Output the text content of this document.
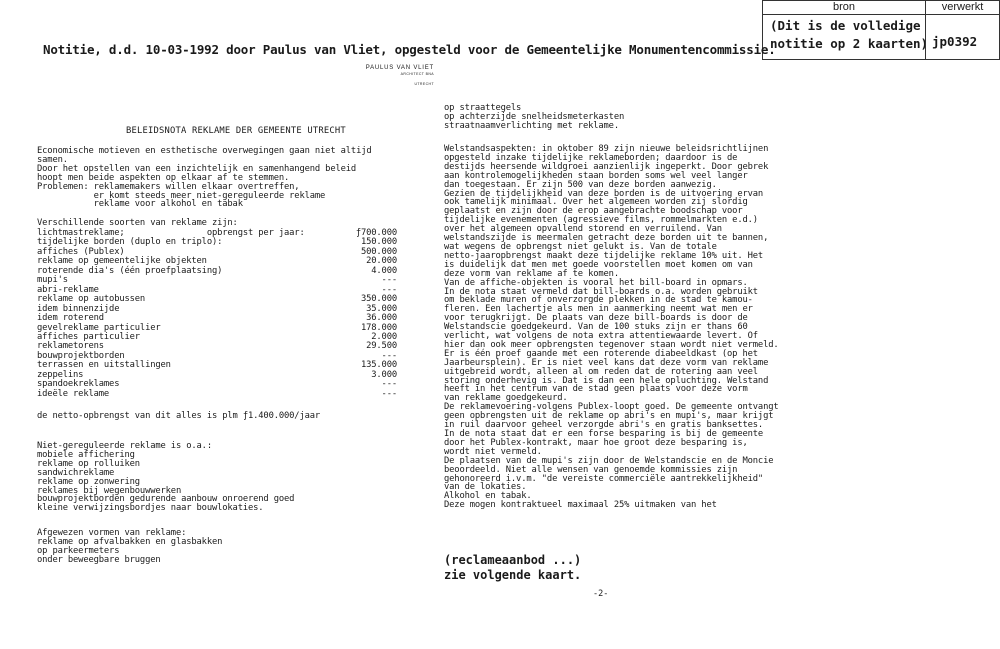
bron	verwerkt
(Dit is de volledige
notitie op 2 kaarten) jp0392
Notitie, d.d. 10-03-1992 door Paulus van Vliet, opgesteld voor de Gemeentelijke Monumentencommissie.
PAULUS VAN VLIET
ARCHITECT BNA
UTRECHT
BELEIDSNOTA REKLAME DER GEMEENTE UTRECHT
Economische motieven en esthetische overwegingen gaan niet altijd
samen.
Door het opstellen van een inzichtelijk en samenhangend beleid
hoopt men beide aspekten op elkaar af te stemmen.
Problemen: reklamemakers willen elkaar overtreffen,
er komt steeds meer niet-gereguleerde reklame
reklame voor alkohol en tabak
Verschillende soorten van reklame zijn:
lichtmastreklame;                opbrengst per jaar:	ƒ700.000
tijdelijke borden (duplo en triplo):	150.000
affiches (Publex)	500.000
reklame op gemeentelijke objekten	20.000
roterende dia's (één proefplaatsing)	4.000
mupi's	---
abri-reklame	---
reklame op autobussen	350.000
idem binnenzijde	35.000
idem roterend	36.000
gevelreklame particulier	178.000
affiches particulier	2.000
reklametorens	29.500
bouwprojektborden	---
terrassen en uitstallingen	135.000
zeppelins	3.000
spandoekreklames	---
ideële reklame	---
de netto-opbrengst van dit alles is plm ƒ1.400.000/jaar
Niet-gereguleerde reklame is o.a.:
mobiele affichering
reklame op rolluiken
sandwichreklame
reklame op zonwering
reklames bij wegenbouwwerken
bouwprojektborden gedurende aanbouw onroerend goed
kleine verwijzingsbordjes naar bouwlokaties.
Afgewezen vormen van reklame:
reklame op afvalbakken en glasbakken
op parkeermeters
onder beweegbare bruggen
op straattegels
op achterzijde snelheidsmeterkasten
straatnaamverlichting met reklame.
Welstandsaspekten: in oktober 89 zijn nieuwe beleidsrichtlijnen
opgesteld inzake tijdelijke reklameborden; daardoor is de
destijds heersende wildgroei aanzienlijk ingeperkt. Door gebrek
aan kontrolemogelijkheden staan borden soms wel veel langer
dan toegestaan. Er zijn 500 van deze borden aanwezig.
Gezien de tijdelijkheid van deze borden is de uitvoering ervan
ook tamelijk minimaal. Over het algemeen worden zij slordig
geplaatst en zijn door de erop aangebrachte boodschap voor
tijdelijke evenementen (agressieve films, rommelmarkten e.d.)
over het algemeen opvallend storend en verruilend. Van
welstandszijde is meermalen getracht deze borden uit te bannen,
wat wegens de opbrengst niet gelukt is. Van de totale
netto-jaaropbrengst maakt deze tijdelijke reklame 10% uit. Het
is duidelijk dat men met goede voorstellen moet komen om van
deze vorm van reklame af te komen.
Van de affiche-objekten is vooral het bill-board in opmars.
In de nota staat vermeld dat bill-boards o.a. worden gebruikt
om beklade muren of onverzorgde plekken in de stad te kamou-
fleren. Een lachertje als men in aanmerking neemt wat men er
voor terugkrijgt. De plaats van deze bill-boards is door de
Welstandscie goedgekeurd. Van de 100 stuks zijn er thans 60
verlicht, wat volgens de nota extra attentiewaarde levert. Of
hier dan ook meer opbrengsten tegenover staan wordt niet vermeld.
Er is één proef gaande met een roterende diabeeldkast (op het
Jaarbeursplein). Er is niet veel kans dat deze vorm van reklame
uitgebreid wordt, alleen al om reden dat de rotering aan veel
storing onderhevig is. Dat is dan een hele opluchting. Welstand
heeft in het centrum van de stad geen plaats voor deze vorm
van reklame goedgekeurd.
De reklamevoering-volgens Publex-loopt goed. De gemeente ontvangt
geen opbrengsten uit de reklame op abri's en mupi's, maar krijgt
in ruil daarvoor geheel verzorgde abri's en gratis banksettes.
In de nota staat dat er een forse besparing is bij de gemeente
door het Publex-kontrakt, maar hoe groot deze besparing is,
wordt niet vermeld.
De plaatsen van de mupi's zijn door de Welstandscie en de Moncie
beoordeeld. Niet alle wensen van genoemde kommissies zijn
gehonoreerd i.v.m. "de vereiste commerciële aantrekkelijkheid"
van de lokaties.
Alkohol en tabak.
Deze mogen kontraktueel maximaal 25% uitmaken van het
(reclameaanbod ...)
zie volgende kaart.
-2-
